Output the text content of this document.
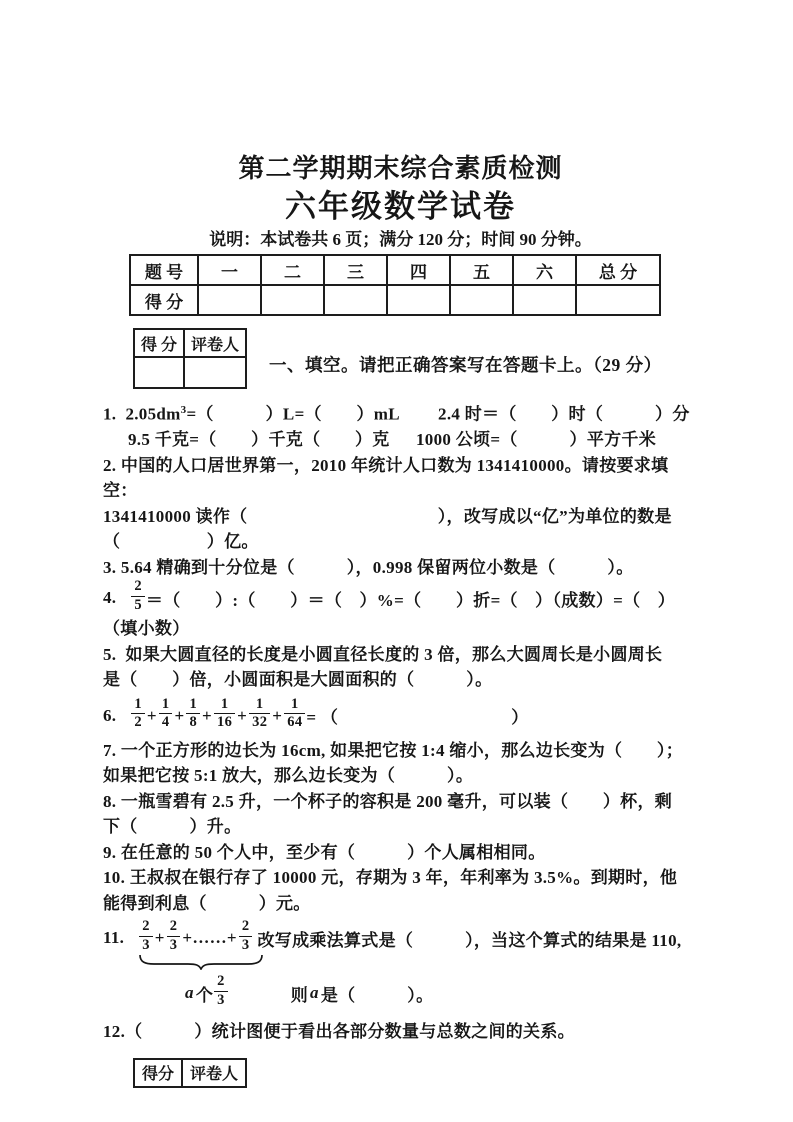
第二学期期末综合素质检测
六年级数学试卷
说明：本试卷共 6 页；满分 120 分；时间 90 分钟。
题 号	一	二	三	四	五	六	总 分
得 分							
得 分	评卷人

一、填空。请把正确答案写在答题卡上。（29 分）
1.  $2.05dm^3=$（　　　）L=（　　）mL　　 2.4 时＝（　　）时（　　　）分
9.5 千克=（　　）千克（　　）克　  1000 公顷=（　　　）平方千米
2. 中国的人口居世界第一，2010 年统计人口数为 1341410000。请按要求填空：
1341410000 读作（　　　　　　　　　　　），改写成以“亿”为单位的数是
（　　　　　）亿。
3. 5.64 精确到十分位是（　　　），0.998 保留两位小数是（　　　）。
4. $\frac{2}{5}$ ＝（　　）:（　　）＝（　）%=（　　）折=（　）（成数）=（　）
（填小数）
5.  如果大圆直径的长度是小圆直径长度的 3 倍，那么大圆周长是小圆周长
是（　　）倍，小圆面积是大圆面积的（　　　）。
6. $\frac{1}{2} + \frac{1}{4} + \frac{1}{8} + \frac{1}{16} + \frac{1}{32} + \frac{1}{64}$ = （　　　　　　　　　　）
7. 一个正方形的边长为 16cm, 如果把它按 1:4 缩小，那么边长变为（　　）；
如果把它按 5:1 放大，那么边长变为（　　　）。
8. 一瓶雪碧有 2.5 升，一个杯子的容积是 200 毫升，可以装（　　）杯，剩
下（　　　）升。
9. 在任意的 50 个人中，至少有（　　　）个人属相相同。
10. 王叔叔在银行存了 10000 元，存期为 3 年，年利率为 3.5%。到期时，他
能得到利息（　　　）元。
11. $\frac{2}{3} + \frac{2}{3}$ +……+ $\frac{2}{3}$ 改写成乘法算式是（　　　），当这个算式的结果是 110,
a 个 $\frac{2}{3}$	则 a 是（　　　）。
12.（　　　）统计图便于看出各部分数量与总数之间的关系。
得分	评卷人
